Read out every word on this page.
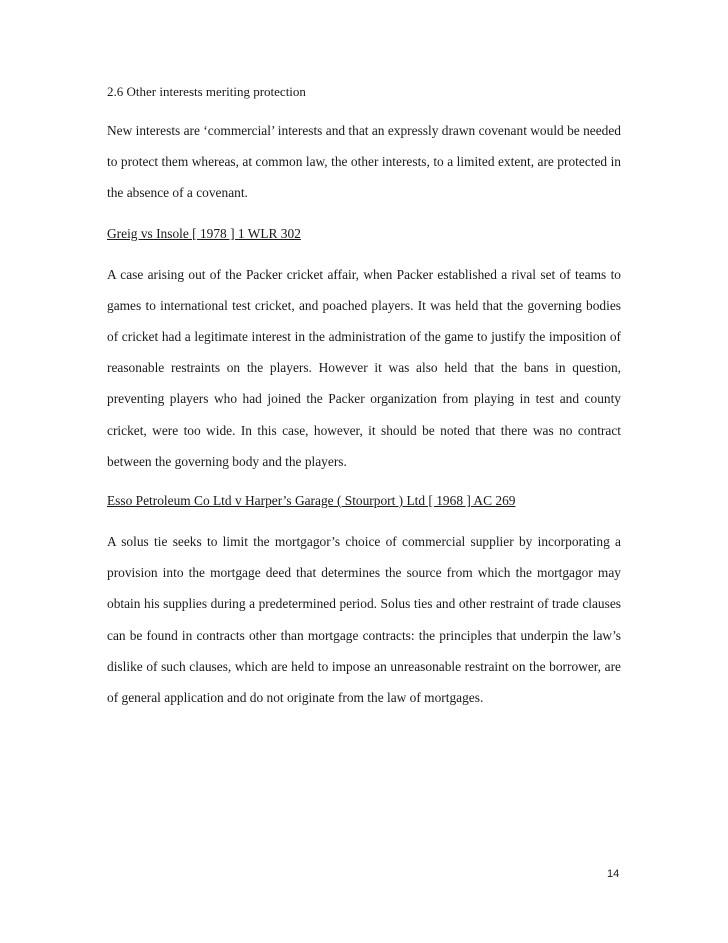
2.6 Other interests meriting protection

New interests are ‘commercial’ interests and that an expressly drawn covenant would be needed to protect them whereas, at common law, the other interests, to a limited extent, are protected in the absence of a covenant.

Greig vs Insole [ 1978 ] 1 WLR 302

A case arising out of the Packer cricket affair, when Packer established a rival set of teams to games to international test cricket, and poached players. It was held that the governing bodies of cricket had a legitimate interest in the administration of the game to justify the imposition of reasonable restraints on the players. However it was also held that the bans in question, preventing players who had joined the Packer organization from playing in test and county cricket, were too wide. In this case, however, it should be noted that there was no contract between the governing body and the players.

Esso Petroleum Co Ltd v Harper’s Garage ( Stourport ) Ltd [ 1968 ] AC 269

A solus tie seeks to limit the mortgagor’s choice of commercial supplier by incorporating a provision into the mortgage deed that determines the source from which the mortgagor may obtain his supplies during a predetermined period. Solus ties and other restraint of trade clauses can be found in contracts other than mortgage contracts: the principles that underpin the law’s dislike of such clauses, which are held to impose an unreasonable restraint on the borrower, are of general application and do not originate from the law of mortgages.

14
